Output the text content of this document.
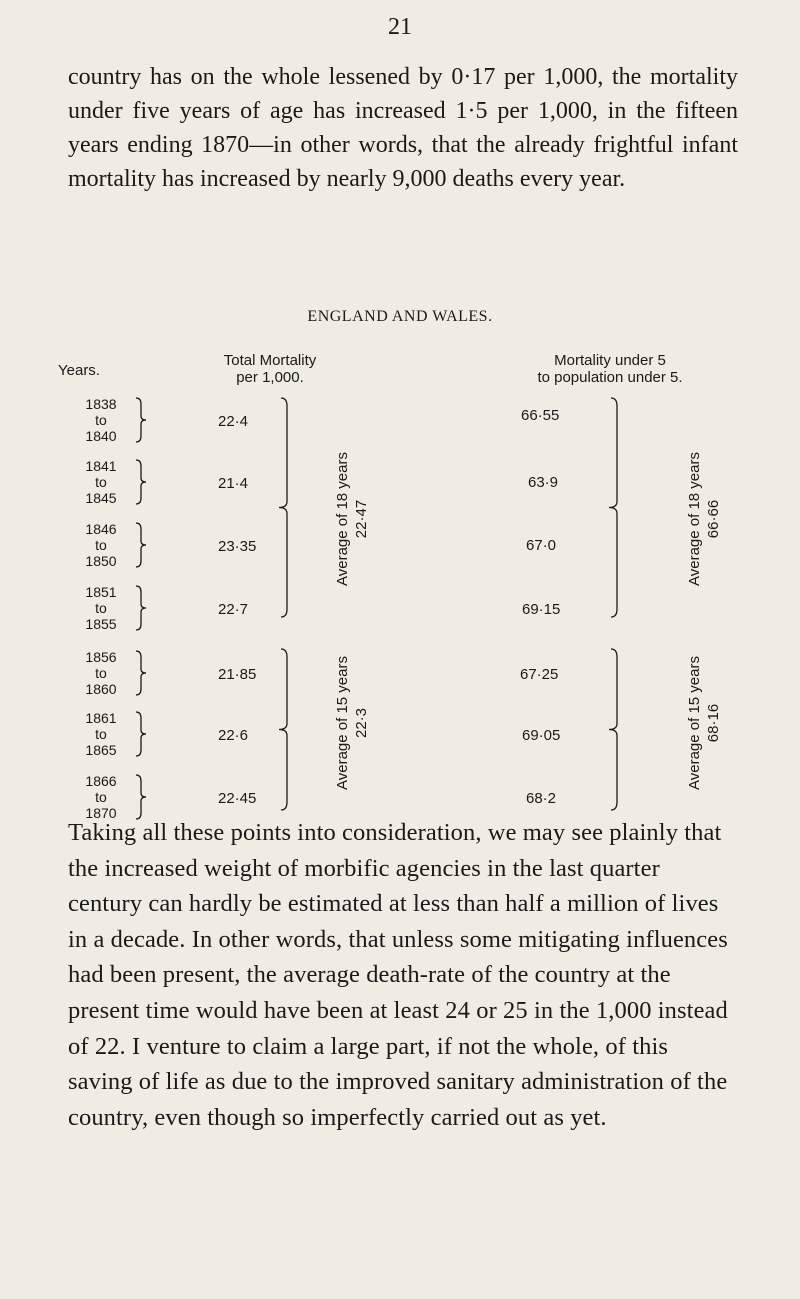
21

country has on the whole lessened by 0·17 per 1,000, the mortality under five years of age has increased 1·5 per 1,000, in the fifteen years ending 1870—in other words, that the already frightful infant mortality has increased by nearly 9,000 deaths every year.

ENGLAND AND WALES.
Years.
Total Mortality
per 1,000.
Mortality under 5
to population under 5.
1838
to
1840
1841
to
1845
1846
to
1850
1851
to
1855
1856
to
1860
1861
to
1865
1866
to
1870
22·4
21·4
23·35
22·7
21·85
22·6
22·45
66·55
63·9
67·0
69·15
67·25
69·05
68·2
Average of 18 years 22·47
Average of 15 years 22·3
Average of 18 years 66·66
Average of 15 years 68·16

Taking all these points into consideration, we may see plainly that the increased weight of morbific agencies in the last quarter century can hardly be estimated at less than half a million of lives in a decade. In other words, that unless some mitigating influences had been present, the average death-rate of the country at the present time would have been at least 24 or 25 in the 1,000 instead of 22. I venture to claim a large part, if not the whole, of this saving of life as due to the improved sanitary administration of the country, even though so imperfectly carried out as yet.
